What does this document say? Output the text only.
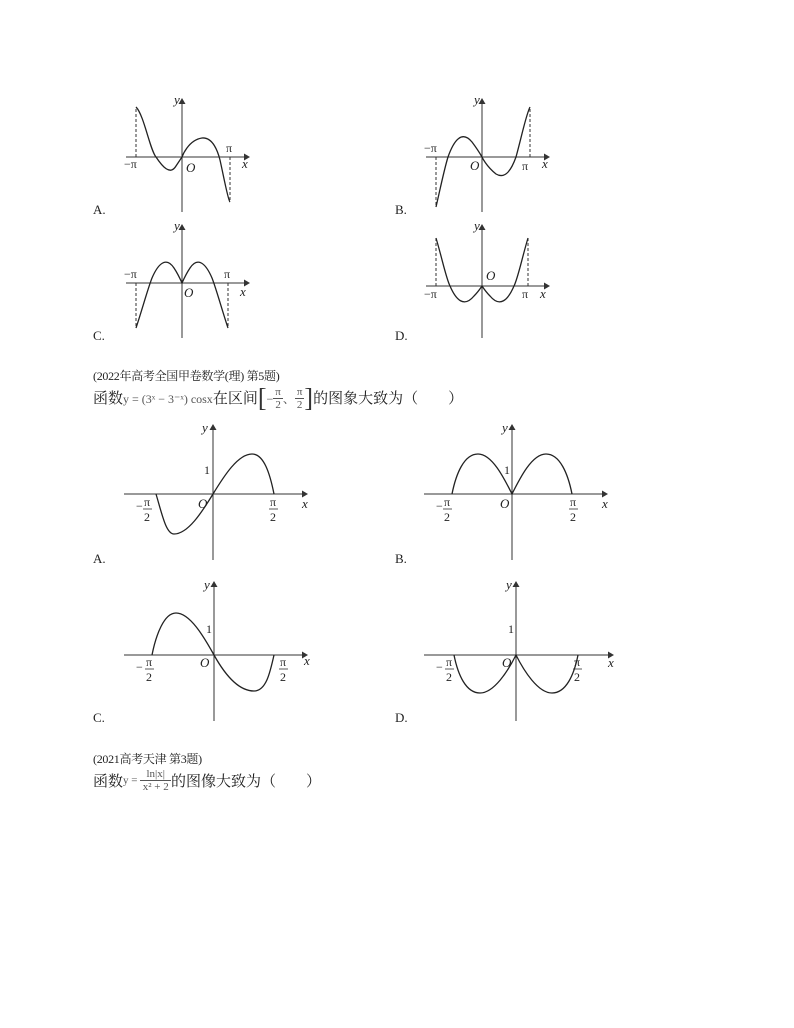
y
x
O
−π
π
A.
y
x
O
−π
π
B.
y
x
O
−π	π
C.
y
x
O
−π	π
D.
(2022年高考全国甲卷数学(理) 第5题)
函数y = (3ˣ − 3⁻ˣ) cosx在区间[− $\frac{\pi}{2}$ 、 $\frac{\pi}{2}$ ]的图象大致为（　　）
y
x
O
1
− π
2
π
2
A.
y
x
O
1
− π
2
π
2
B.
y
x
O
1
− π
2
π
2
C.
y
x
O
1
− π
2
π
2
D.
(2021高考天津 第3题)
函数$y = \frac{\ln|x|}{\text{x² + 2}}$ 的图像大致为（　　）
